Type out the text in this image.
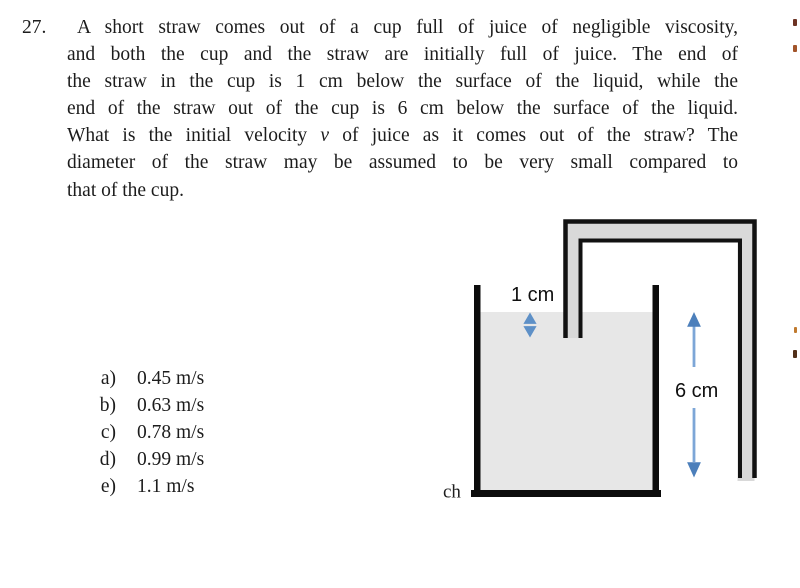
27.	A short straw comes out of a cup full of juice of negligible viscosity,
and both the cup and the straw are initially full of juice. The end of
the straw in the cup is 1 cm below the surface of the liquid, while the
end of the straw out of the cup is 6 cm below the surface of the liquid.
What is the initial velocity v of juice as it comes out of the straw? The
diameter of the straw may be assumed to be very small compared to
that of the cup.
a) 0.45 m/s
b) 0.63 m/s
c) 0.78 m/s
d) 0.99 m/s
e) 1.1 m/s	ch
1 cm
6 cm
